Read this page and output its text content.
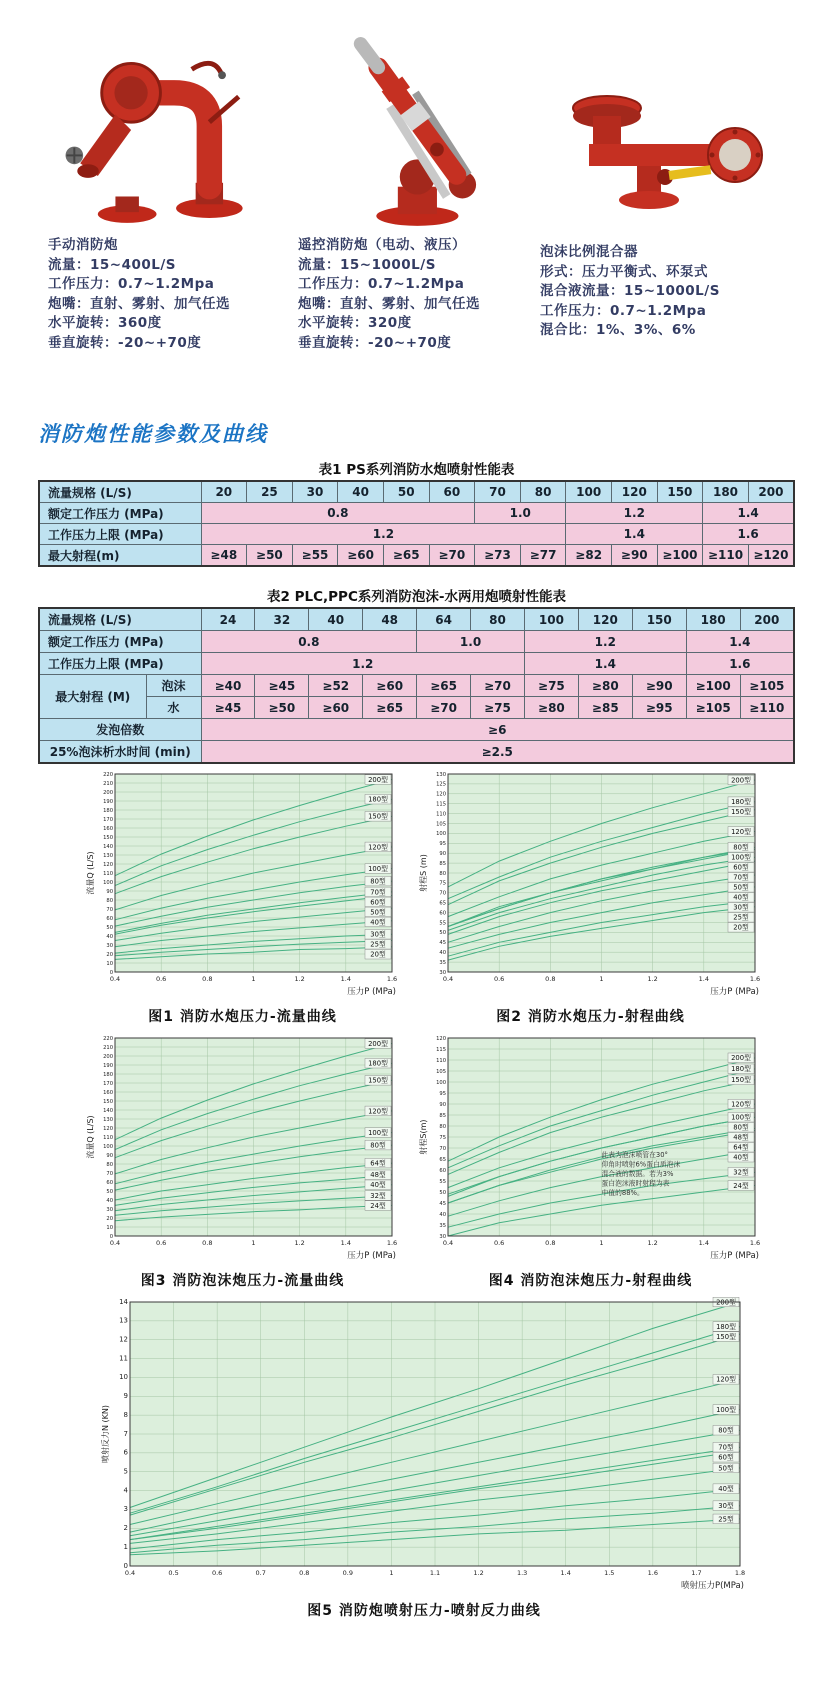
手动消防炮
流量：15~400L/S
工作压力：0.7~1.2Mpa
炮嘴：直射、雾射、加气任选
水平旋转：360度
垂直旋转：-20~+70度
遥控消防炮（电动、液压）
流量：15~1000L/S
工作压力：0.7~1.2Mpa
炮嘴：直射、雾射、加气任选
水平旋转：320度
垂直旋转：-20~+70度
泡沫比例混合器
形式：压力平衡式、环泵式
混合液流量：15~1000L/S
工作压力：0.7~1.2Mpa
混合比：1%、3%、6%
消防炮性能参数及曲线
表1 PS系列消防水炮喷射性能表
流量规格 (L/S)	20	25	30	40	50	60	70	80	100	120	150	180	200
额定工作压力 (MPa)	0.8						1.0		1.2			1.4	
工作压力上限 (MPa)	1.2								1.4			1.6	
最大射程(m)	≥48	≥50	≥55	≥60	≥65	≥70	≥73	≥77	≥82	≥90	≥100	≥110	≥120
表2 PLC,PPC系列消防泡沫-水两用炮喷射性能表
流量规格 (L/S)		24	32	40	48	64	80	100	120	150	180	200
额定工作压力 (MPa)		0.8				1.0		1.2			1.4	
工作压力上限 (MPa)		1.2						1.4			1.6	
最大射程 (M)	泡沫	≥40	≥45	≥52	≥60	≥65	≥70	≥75	≥80	≥90	≥100	≥105
	水	≥45	≥50	≥60	≥65	≥70	≥75	≥80	≥85	≥95	≥105	≥110
发泡倍数		≥6										
25%泡沫析水时间 (min)		≥2.5										
0
10
20
30
40
50
60
70
80
90
100
110
120
130
140
150
160
170
180
190
200
210
220
0.4	0.6	0.8	1	1.2	1.4	1.6
200型
180型
150型
120型
100型
80型
70型
60型
50型
40型
30型
25型
20型
流量Q (L/S)
压力P (MPa)
图1 消防水炮压力-流量曲线
30
35
40
45
50
55
60
65
70
75
80
85
90
95
100
105
110
115
120
125
130
0.4	0.6	0.8	1	1.2	1.4	1.6
200型
180型
150型
120型
80型
100型
60型
70型
50型
40型
30型
25型
20型
射程S (m)
压力P (MPa)
图2 消防水炮压力-射程曲线
0
10
20
30
40
50
60
70
80
90
100
110
120
130
140
150
160
170
180
190
200
210
220
0.4	0.6	0.8	1	1.2	1.4	1.6
200型
180型
150型
120型
100型
80型
64型
48型
40型
32型
24型
流量Q (L/S)
压力P (MPa)
图3 消防泡沫炮压力-流量曲线
30
35
40
45
50
55
60
65
70
75
80
85
90
95
100
105
110
115
120
0.4	0.6	0.8	1	1.2	1.4	1.6
200型
180型
150型
120型
100型
80型
48型
64型
40型
32型
24型
此表为泡沫喷管在30°
仰角时喷射6%蛋白质泡沫
混合液的数据。若为3%
蛋白泡沫液时射程为表
中值的88%。
射程S(m)
压力P (MPa)
图4 消防泡沫炮压力-射程曲线
0
1
2
3
4
5
6
7
8
9
10
11
12
13
14
0.4	0.5	0.6	0.7	0.8	0.9	1	1.1	1.2	1.3	1.4	1.5	1.6	1.7	1.8
200型
180型
150型
120型
100型
80型
70型
60型
50型
40型
30型
25型
喷射反力N (KN)
喷射压力P(MPa)
图5 消防炮喷射压力-喷射反力曲线
